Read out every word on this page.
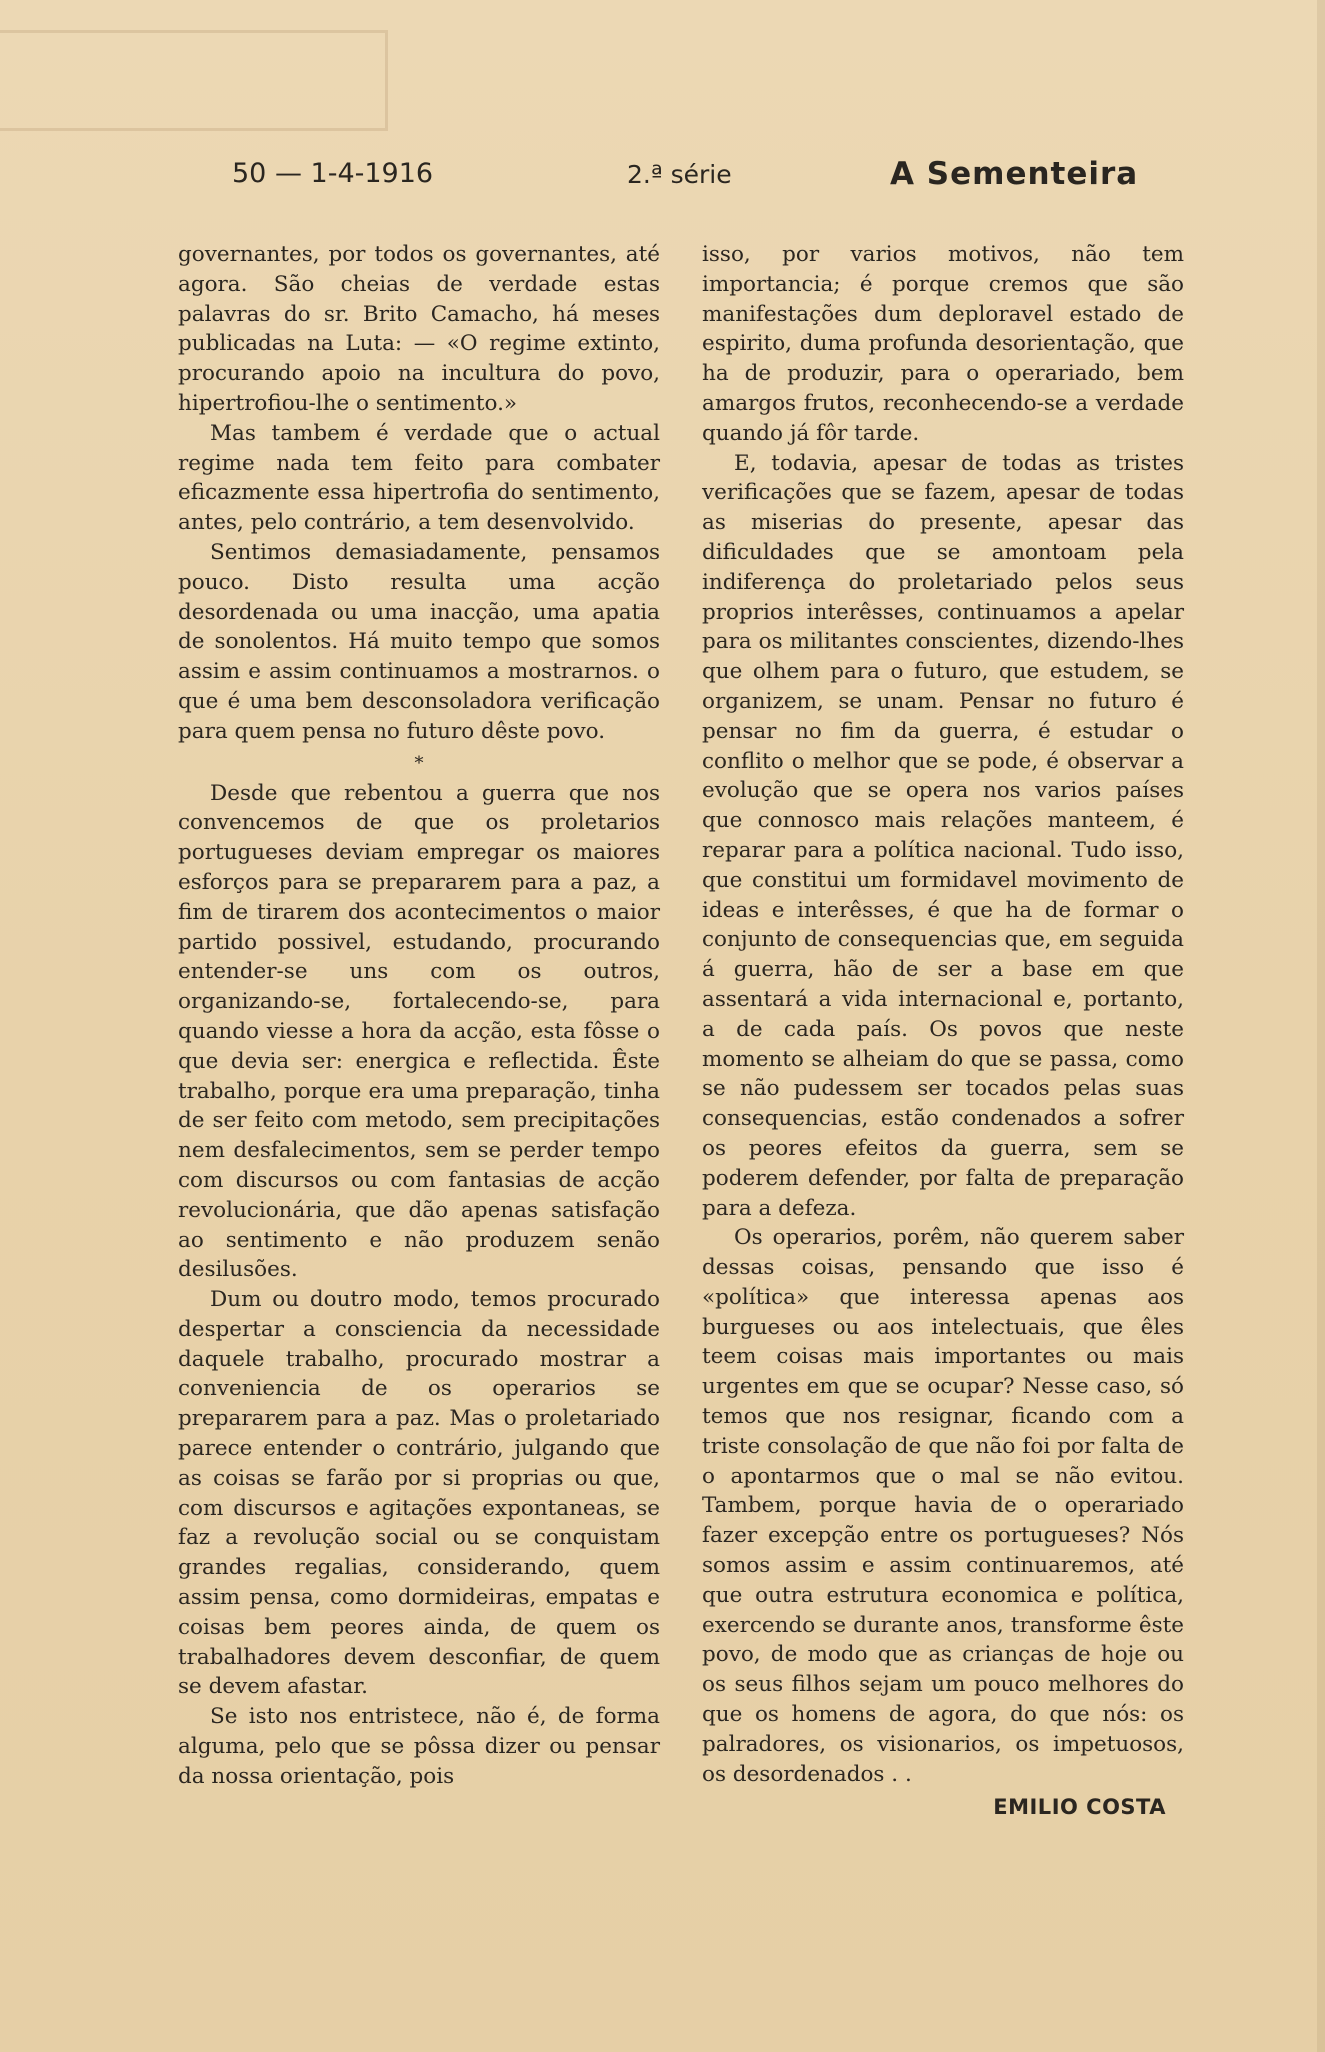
50 — 1-4-1916	2.ª série	A Sementeira

governantes, por todos os governantes, até agora. São cheias de verdade estas palavras do sr. Brito Camacho, há meses publicadas na Luta: — «O regime extinto, procurando apoio na incultura do povo, hipertrofiou-lhe o sentimento.»

Mas tambem é verdade que o actual regime nada tem feito para combater eficazmente essa hipertrofia do sentimento, antes, pelo contrário, a tem desenvolvido.

Sentimos demasiadamente, pensamos pouco. Disto resulta uma acção desordenada ou uma inacção, uma apatia de sonolentos. Há muito tempo que somos assim e assim continuamos a mostrarnos. o que é uma bem desconsoladora verificação para quem pensa no futuro dêste povo.

*

Desde que rebentou a guerra que nos convencemos de que os proletarios portugueses deviam empregar os maiores esforços para se prepararem para a paz, a fim de tirarem dos acontecimentos o maior partido possivel, estudando, procurando entender-se uns com os outros, organizando-se, fortalecendo-se, para quando viesse a hora da acção, esta fôsse o que devia ser: energica e reflectida. Êste trabalho, porque era uma preparação, tinha de ser feito com metodo, sem precipitações nem desfalecimentos, sem se perder tempo com discursos ou com fantasias de acção revolucionária, que dão apenas satisfação ao sentimento e não produzem senão desilusões.

Dum ou doutro modo, temos procurado despertar a consciencia da necessidade daquele trabalho, procurado mostrar a conveniencia de os operarios se prepararem para a paz. Mas o proletariado parece entender o contrário, julgando que as coisas se farão por si proprias ou que, com discursos e agitações expontaneas, se faz a revolução social ou se conquistam grandes regalias, considerando, quem assim pensa, como dormideiras, empatas e coisas bem peores ainda, de quem os trabalhadores devem desconfiar, de quem se devem afastar.

Se isto nos entristece, não é, de forma alguma, pelo que se pôssa dizer ou pensar da nossa orientação, pois

isso, por varios motivos, não tem importancia; é porque cremos que são manifestações dum deploravel estado de espirito, duma profunda desorientação, que ha de produzir, para o operariado, bem amargos frutos, reconhecendo-se a verdade quando já fôr tarde.

E, todavia, apesar de todas as tristes verificações que se fazem, apesar de todas as miserias do presente, apesar das dificuldades que se amontoam pela indiferença do proletariado pelos seus proprios interêsses, continuamos a apelar para os militantes conscientes, dizendo-lhes que olhem para o futuro, que estudem, se organizem, se unam. Pensar no futuro é pensar no fim da guerra, é estudar o conflito o melhor que se pode, é observar a evolução que se opera nos varios países que connosco mais relações manteem, é reparar para a política nacional. Tudo isso, que constitui um formidavel movimento de ideas e interêsses, é que ha de formar o conjunto de consequencias que, em seguida á guerra, hão de ser a base em que assentará a vida internacional e, portanto, a de cada país. Os povos que neste momento se alheiam do que se passa, como se não pudessem ser tocados pelas suas consequencias, estão condenados a sofrer os peores efeitos da guerra, sem se poderem defender, por falta de preparação para a defeza.

Os operarios, porêm, não querem saber dessas coisas, pensando que isso é «política» que interessa apenas aos burgueses ou aos intelectuais, que êles teem coisas mais importantes ou mais urgentes em que se ocupar? Nesse caso, só temos que nos resignar, ficando com a triste consolação de que não foi por falta de o apontarmos que o mal se não evitou. Tambem, porque havia de o operariado fazer excepção entre os portugueses? Nós somos assim e assim continuaremos, até que outra estrutura economica e política, exercendo se durante anos, transforme êste povo, de modo que as crianças de hoje ou os seus filhos sejam um pouco melhores do que os homens de agora, do que nós: os palradores, os visionarios, os impetuosos, os desordenados . .

EMILIO COSTA
